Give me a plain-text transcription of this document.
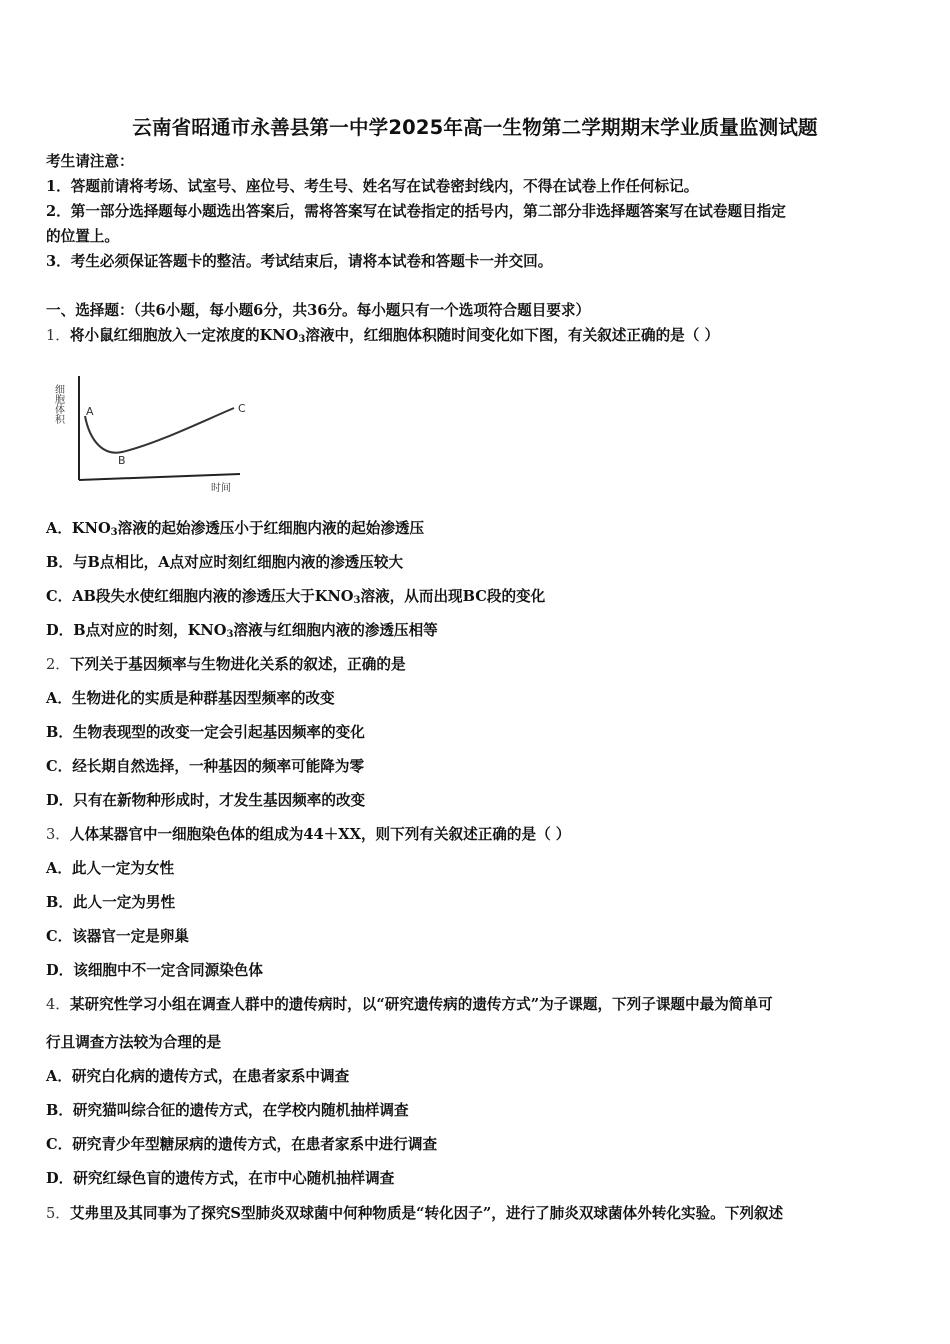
云南省昭通市永善县第一中学2025年高一生物第二学期期末学业质量监测试题
考生请注意：
1．答题前请将考场、试室号、座位号、考生号、姓名写在试卷密封线内，不得在试卷上作任何标记。
2．第一部分选择题每小题选出答案后，需将答案写在试卷指定的括号内，第二部分非选择题答案写在试卷题目指定
的位置上。
3．考生必须保证答题卡的整洁。考试结束后，请将本试卷和答题卡一并交回。
一、选择题：（共6小题，每小题6分，共36分。每小题只有一个选项符合题目要求）
1．将小鼠红细胞放入一定浓度的$KNO_3$溶液中，红细胞体积随时间变化如下图，有关叙述正确的是（ ）
细胞体积 A
B
C
时间
A．$KNO_3$溶液的起始渗透压小于红细胞内液的起始渗透压
B．与B点相比，A点对应时刻红细胞内液的渗透压较大
C．AB段失水使红细胞内液的渗透压大于$KNO_3$溶液，从而出现BC段的变化
D．B点对应的时刻，$KNO_3$溶液与红细胞内液的渗透压相等
2．下列关于基因频率与生物进化关系的叙述，正确的是
A．生物进化的实质是种群基因型频率的改变
B．生物表现型的改变一定会引起基因频率的变化
C．经长期自然选择，一种基因的频率可能降为零
D．只有在新物种形成时，才发生基因频率的改变
3．人体某器官中一细胞染色体的组成为44＋XX，则下列有关叙述正确的是（ ）
A．此人一定为女性
B．此人一定为男性
C．该器官一定是卵巢
D．该细胞中不一定含同源染色体
4．某研究性学习小组在调查人群中的遗传病时，以“研究遗传病的遗传方式”为子课题，下列子课题中最为简单可
行且调查方法较为合理的是
A．研究白化病的遗传方式，在患者家系中调查
B．研究猫叫综合征的遗传方式，在学校内随机抽样调查
C．研究青少年型糖尿病的遗传方式，在患者家系中进行调查
D．研究红绿色盲的遗传方式，在市中心随机抽样调查
5．艾弗里及其同事为了探究S型肺炎双球菌中何种物质是“转化因子”，进行了肺炎双球菌体外转化实验。下列叙述
